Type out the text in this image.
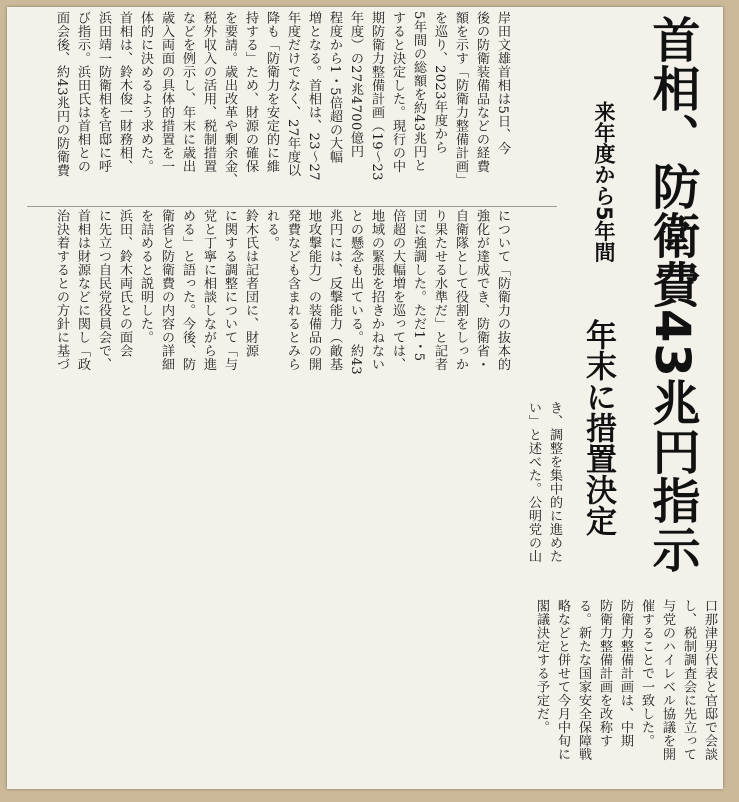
首相、防衛費43兆円指示
来年度から5年間
年末に措置決定
岸田文雄首相は5日、今
後の防衛装備品などの経費
額を示す「防衛力整備計画」
を巡り、2023年度から
5年間の総額を約43兆円と
すると決定した。現行の中
期防衛力整備計画（19〜23
年度）の27兆4700億円
程度から1・5倍超の大幅
増となる。首相は、23〜27
年度だけでなく、27年度以
降も「防衛力を安定的に維
持する」ため、財源の確保
を要請。歳出改革や剰余金、
税外収入の活用、税制措置
などを例示し、年末に歳出
歳入両面の具体的措置を一
体的に決めるよう求めた。
首相は、鈴木俊一財務相、
浜田靖一防衛相を官邸に呼
び指示。浜田氏は首相との
面会後、約43兆円の防衛費
について「防衛力の抜本的
強化が達成でき、防衛省・
自衛隊として役割をしっか
り果たせる水準だ」と記者
団に強調した。ただ1・5
倍超の大幅増を巡っては、
地域の緊張を招きかねない
との懸念も出ている。約43
兆円には、反撃能力（敵基
地攻撃能力）の装備品の開
発費なども含まれるとみら
れる。
鈴木氏は記者団に、財源
に関する調整について「与
党と丁寧に相談しながら進
める」と語った。今後、防
衛省と防衛費の内容の詳細
を詰めると説明した。
浜田、鈴木両氏との面会
に先立つ自民党役員会で、
首相は財源などに関し「政
治決着するとの方針に基づ
き、調整を集中的に進めた
い」と述べた。公明党の山
口那津男代表と官邸で会談
し、税制調査会に先立って
与党のハイレベル協議を開
催することで一致した。
防衛力整備計画は、中期
防衛力整備計画を改称す
る。新たな国家安全保障戦
略などと併せて今月中旬に
閣議決定する予定だ。
